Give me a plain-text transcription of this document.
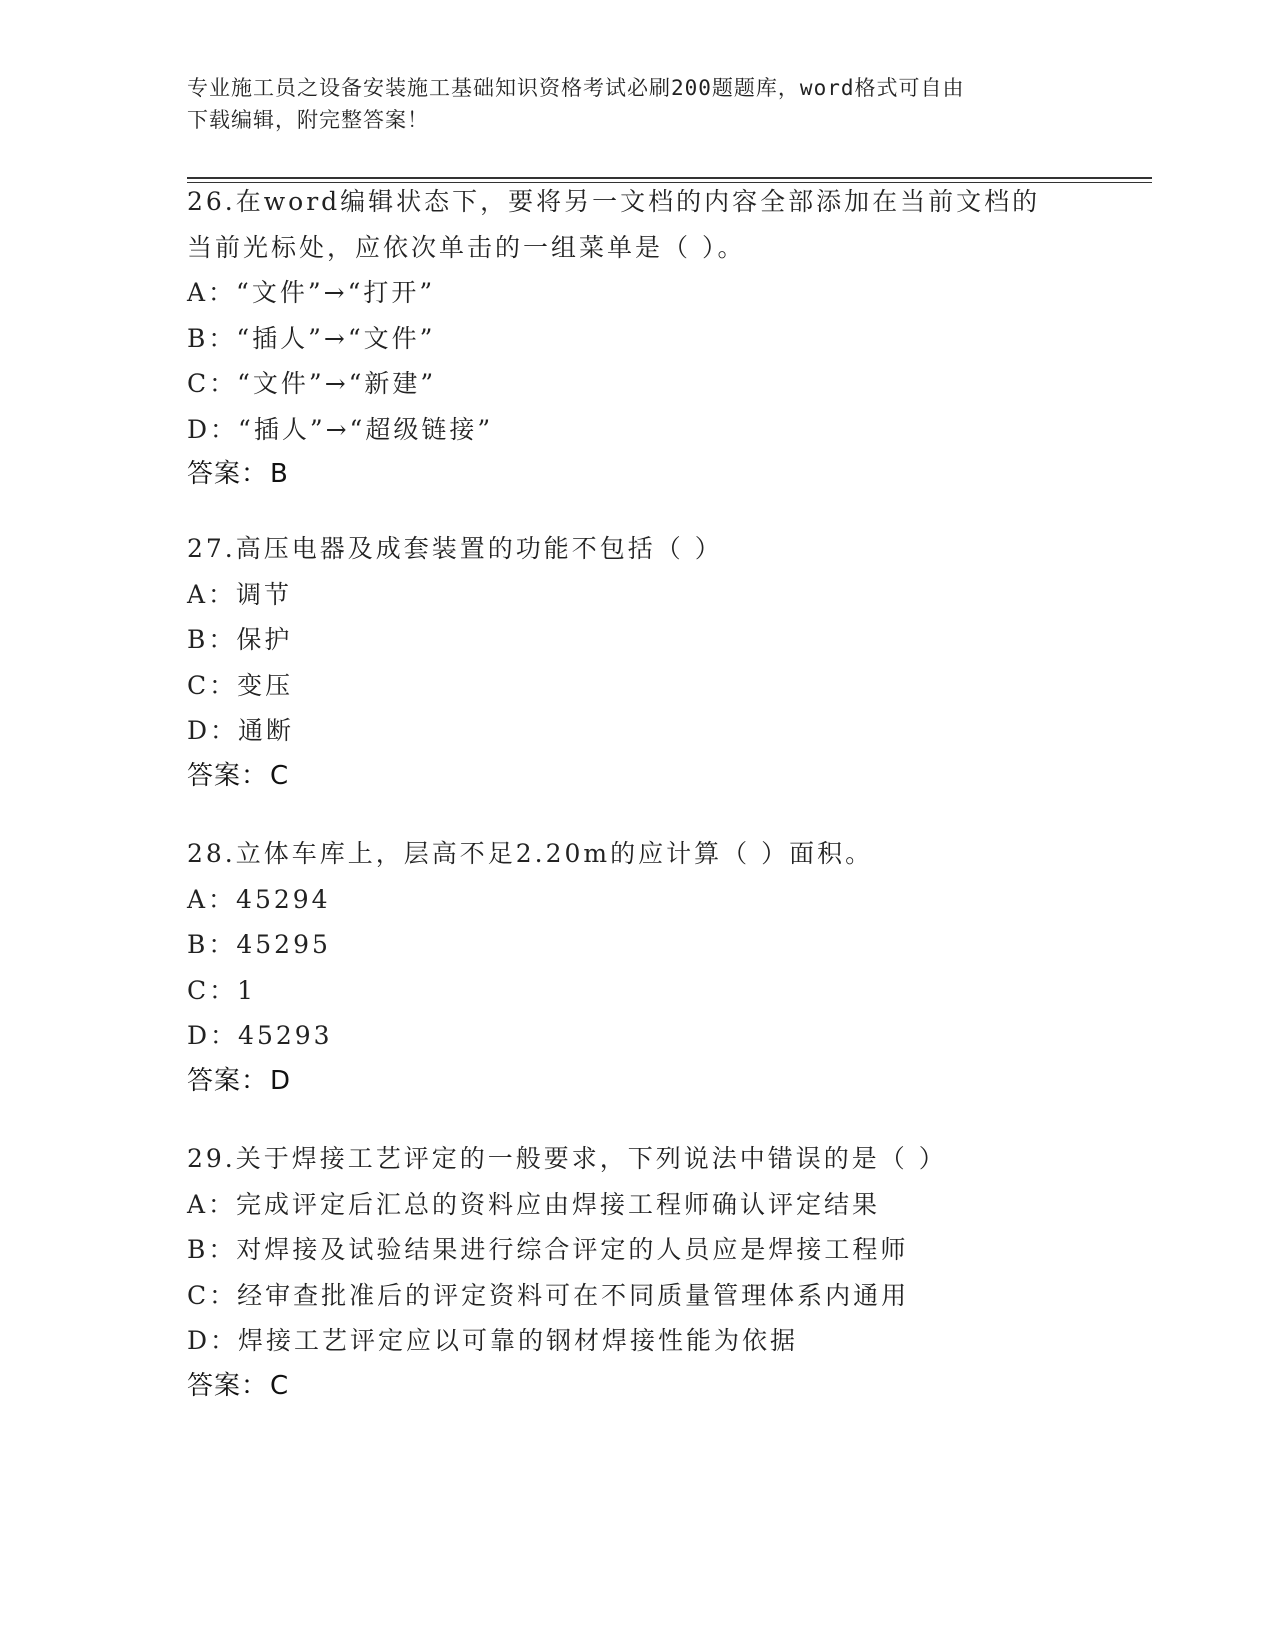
专业施工员之设备安装施工基础知识资格考试必刷200题题库，word格式可自由
下载编辑，附完整答案！

26.在word编辑状态下，要将另一文档的内容全部添加在当前文档的当前光标处，应依次单击的一组菜单是（ ）。

A：“文件”→“打开”

B：“插人”→“文件”

C：“文件”→“新建”

D：“插人”→“超级链接”

答案：B

27.高压电器及成套装置的功能不包括（ ）

A：调节

B：保护

C：变压

D：通断

答案：C

28.立体车库上，层高不足2.20m的应计算（ ）面积。

A：45294

B：45295

C：1

D：45293

答案：D

29.关于焊接工艺评定的一般要求，下列说法中错误的是（ ）

A：完成评定后汇总的资料应由焊接工程师确认评定结果

B：对焊接及试验结果进行综合评定的人员应是焊接工程师

C：经审查批准后的评定资料可在不同质量管理体系内通用

D：焊接工艺评定应以可靠的钢材焊接性能为依据

答案：C
